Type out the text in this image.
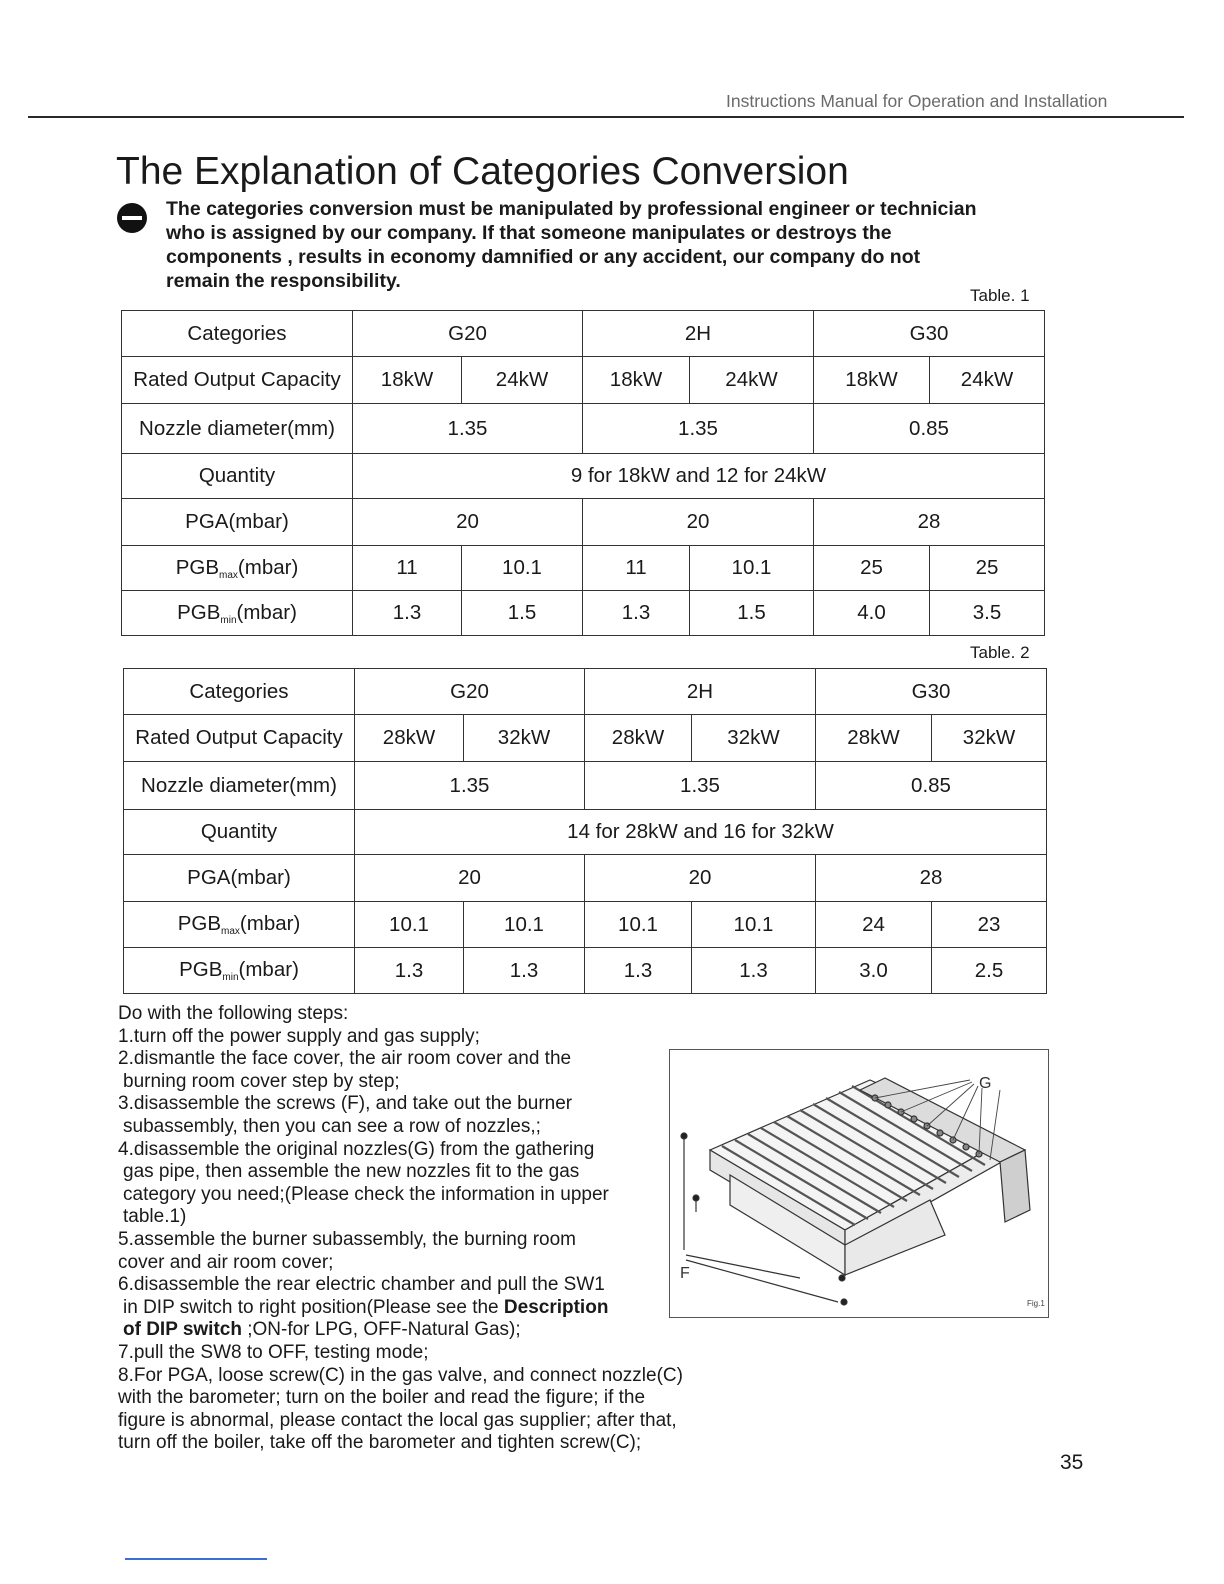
Instructions Manual for Operation and Installation
The Explanation of Categories Conversion
The categories conversion must be manipulated by professional engineer or technician who is assigned by our company. If that someone manipulates or destroys the components , results in economy damnified or any accident, our company do not remain the responsibility.
Table. 1
Categories	G20		2H		G30	
Rated Output Capacity	18kW	24kW	18kW	24kW	18kW	24kW
Nozzle diameter(mm)	1.35		1.35		0.85	
Quantity	9 for 18kW and 12 for 24kW					
PGA(mbar)	20		20		28	
PGBmax(mbar)	11	10.1	11	10.1	25	25
PGBmin(mbar)	1.3	1.5	1.3	1.5	4.0	3.5
Table. 2
Categories	G20		2H		G30	
Rated Output Capacity	28kW	32kW	28kW	32kW	28kW	32kW
Nozzle diameter(mm)	1.35		1.35		0.85	
Quantity	14 for 28kW and 16 for 32kW					
PGA(mbar)	20		20		28	
PGBmax(mbar)	10.1	10.1	10.1	10.1	24	23
PGBmin(mbar)	1.3	1.3	1.3	1.3	3.0	2.5

Do with the following steps:

1.turn off the power supply and gas supply;

2.dismantle the face cover, the air room cover and the

burning room cover step by step;

3.disassemble the screws (F), and take out the burner

subassembly, then you can see a row of nozzles,;

4.disassemble the original nozzles(G) from the gathering

gas pipe, then assemble the new nozzles fit to the gas

category you need;(Please check the information in upper

table.1)

5.assemble the burner subassembly, the burning room

cover and air room cover;

6.disassemble the rear electric chamber and pull the SW1

in DIP switch to right position(Please see the Description

of DIP switch ;ON-for LPG, OFF-Natural Gas);

7.pull the SW8 to OFF, testing mode;

8.For PGA, loose screw(C) in the gas valve, and connect nozzle(C)

with the barometer; turn on the boiler and read the figure; if the

figure is abnormal, please contact the local gas supplier; after that,

turn off the boiler, take off the barometer and tighten screw(C);

G
F
Fig.1
35
